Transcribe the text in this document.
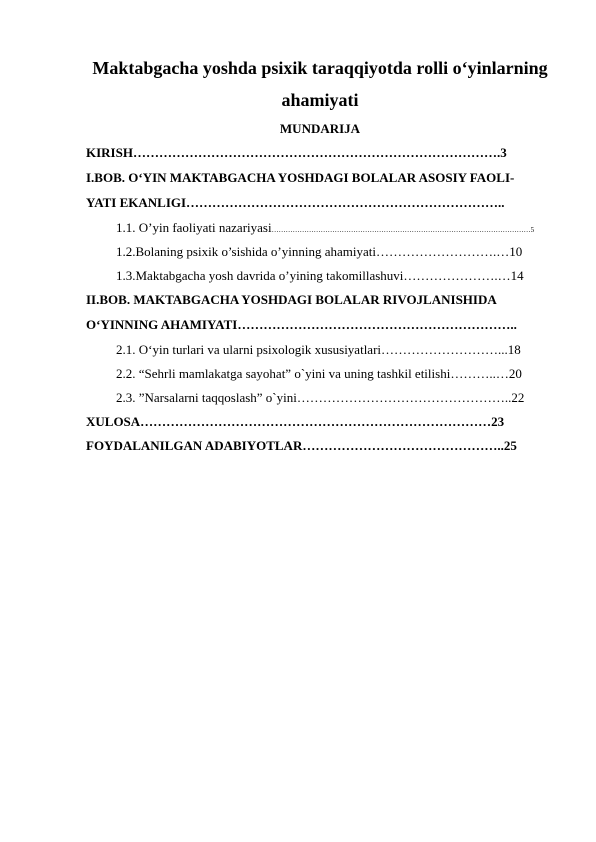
Maktabgacha yoshda psixik taraqqiyotda rolli o‘yinlarning
ahamiyati
MUNDARIJA
KIRISH………………………………………………………………………….3
I.BOB. O‘YIN MAKTABGACHA YOSHDAGI BOLALAR ASOSIY FAOLI-
YATI EKANLIGI………………………………………………………………..
1.1. O’yin faoliyati nazariyasi…………………………………………………………………………………………………5
1.2.Bolaning psixik o’sishida o’yinning ahamiyati……………………….…10
1.3.Maktabgacha yosh davrida o’yining takomillashuvi………………….…14
II.BOB. MAKTABGACHA YOSHDAGI BOLALAR RIVOJLANISHIDA
O‘YINNING AHAMIYATI………………………………………………………..
2.1. O‘yin turlari va ularni psixologik xususiyatlari………………………...18
2.2. “Sehrli mamlakatga sayohat” o`yini va uning tashkil etilishi………..…20
2.3. ”Narsalarni taqqoslash” o`yini…………………………………………..22
XULOSA………………………………………………………………………23
FOYDALANILGAN ADABIYOTLAR………………………………………..25
